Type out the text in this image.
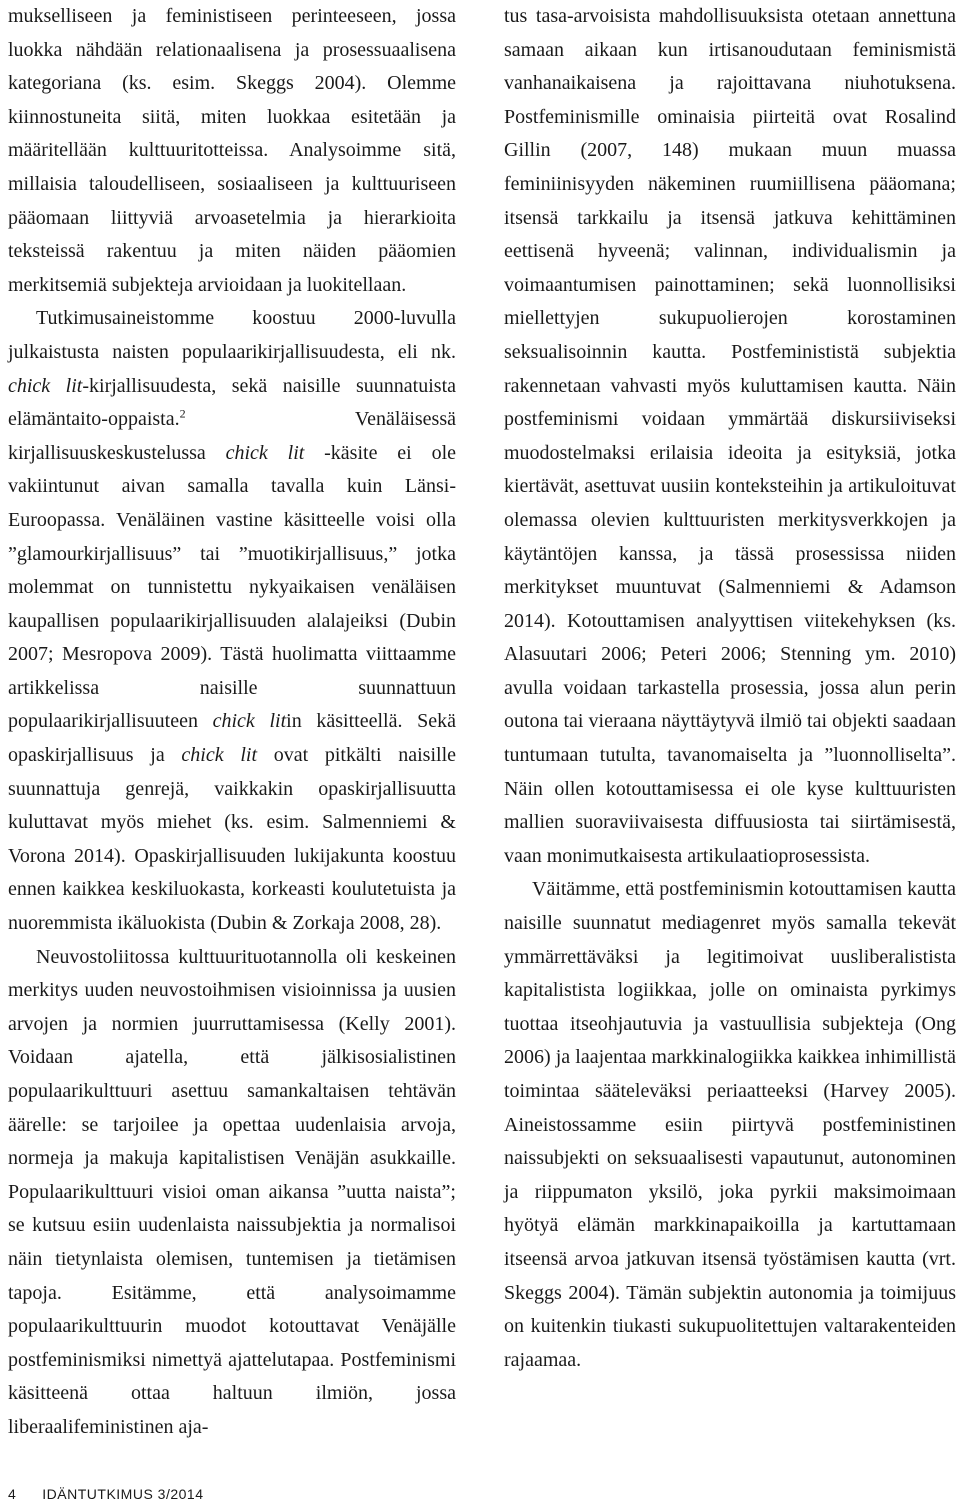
mukselliseen ja feministiseen perinteeseen, jossa luokka nähdään relationaalisena ja prosessuaalisena kategoriana (ks. esim. Skeggs 2004). Olemme kiinnostuneita siitä, miten luokkaa esitetään ja määritellään kulttuuritotteissa. Analysoimme sitä, millaisia taloudelliseen, sosiaaliseen ja kulttuuriseen pääomaan liittyviä arvoasetelmia ja hierarkioita teksteissä rakentuu ja miten näiden pääomien merkitsemiä subjekteja arvioidaan ja luokitellaan.

Tutkimusaineistomme koostuu 2000-luvulla julkaistusta naisten populaarikirjallisuudesta, eli nk. chick lit-kirjallisuudesta, sekä naisille suunnatuista elämäntaito-oppaista.$^2$ Venäläisessä kirjallisuuskeskustelussa chick lit -käsite ei ole vakiintunut aivan samalla tavalla kuin Länsi-Euroopassa. Venäläinen vastine käsitteelle voisi olla ”glamourkirjallisuus” tai ”muotikirjallisuus,” jotka molemmat on tunnistettu nykyaikaisen venäläisen kaupallisen populaarikirjallisuuden alalajeiksi (Dubin 2007; Mesropova 2009). Tästä huolimatta viittaamme artikkelissa naisille suunnattuun populaarikirjallisuuteen chick litin käsitteellä. Sekä opaskirjallisuus ja chick lit ovat pitkälti naisille suunnattuja genrejä, vaikkakin opaskirjallisuutta kuluttavat myös miehet (ks. esim. Salmenniemi & Vorona 2014). Opaskirjallisuuden lukijakunta koostuu ennen kaikkea keskiluokasta, korkeasti koulutetuista ja nuoremmista ikäluokista (Dubin & Zorkaja 2008, 28).

Neuvostoliitossa kulttuurituotannolla oli keskeinen merkitys uuden neuvostoihmisen visioinnissa ja uusien arvojen ja normien juurruttamisessa (Kelly 2001). Voidaan ajatella, että jälkisosialistinen populaarikulttuuri asettuu samankaltaisen tehtävän äärelle: se tarjoilee ja opettaa uudenlaisia arvoja, normeja ja makuja kapitalistisen Venäjän asukkaille. Populaarikulttuuri visioi oman aikansa ”uutta naista”; se kutsuu esiin uudenlaista naissubjektia ja normalisoi näin tietynlaista olemisen, tuntemisen ja tietämisen tapoja. Esitämme, että analysoimamme populaarikulttuurin muodot kotouttavat Venäjälle postfeminismiksi nimettyä ajattelutapaa. Postfeminismi käsitteenä ottaa haltuun ilmiön, jossa liberaalifeministinen aja-

tus tasa-arvoisista mahdollisuuksista otetaan annettuna samaan aikaan kun irtisanoudutaan feminismistä vanhanaikaisena ja rajoittavana niuhotuksena. Postfeminismille ominaisia piirteitä ovat Rosalind Gillin (2007, 148) mukaan muun muassa feminiinisyyden näkeminen ruumiillisena pääomana; itsensä tarkkailu ja itsensä jatkuva kehittäminen eettisenä hyveenä; valinnan, individualismin ja voimaantumisen painottaminen; sekä luonnollisiksi miellettyjen sukupuolierojen korostaminen seksualisoinnin kautta. Postfeminististä subjektia rakennetaan vahvasti myös kuluttamisen kautta. Näin postfeminismi voidaan ymmärtää diskursiiviseksi muodostelmaksi erilaisia ideoita ja esityksiä, jotka kiertävät, asettuvat uusiin konteksteihin ja artikuloituvat olemassa olevien kulttuuristen merkitysverkkojen ja käytäntöjen kanssa, ja tässä prosessissa niiden merkitykset muuntuvat (Salmenniemi & Adamson 2014). Kotouttamisen analyyttisen viitekehyksen (ks. Alasuutari 2006; Peteri 2006; Stenning ym. 2010) avulla voidaan tarkastella prosessia, jossa alun perin outona tai vieraana näyttäytyvä ilmiö tai objekti saadaan tuntumaan tutulta, tavanomaiselta ja ”luonnolliselta”. Näin ollen kotouttamisessa ei ole kyse kulttuuristen mallien suoraviivaisesta diffuusiosta tai siirtämisestä, vaan monimutkaisesta artikulaatioprosessista.

Väitämme, että postfeminismin kotouttamisen kautta naisille suunnatut mediagenret myös samalla tekevät ymmärrettäväksi ja legitimoivat uusliberalistista kapitalistista logiikkaa, jolle on ominaista pyrkimys tuottaa itseohjautuvia ja vastuullisia subjekteja (Ong 2006) ja laajentaa markkinalogiikka kaikkea inhimillistä toimintaa sääteleväksi periaatteeksi (Harvey 2005). Aineistossamme esiin piirtyvä postfeministinen naissubjekti on seksuaalisesti vapautunut, autonominen ja riippumaton yksilö, joka pyrkii maksimoimaan hyötyä elämän markkinapaikoilla ja kartuttamaan itseensä arvoa jatkuvan itsensä työstämisen kautta (vrt. Skeggs 2004). Tämän subjektin autonomia ja toimijuus on kuitenkin tiukasti sukupuolitettujen valtarakenteiden rajaamaa.

4 IDÄNTUTKIMUS 3/2014
